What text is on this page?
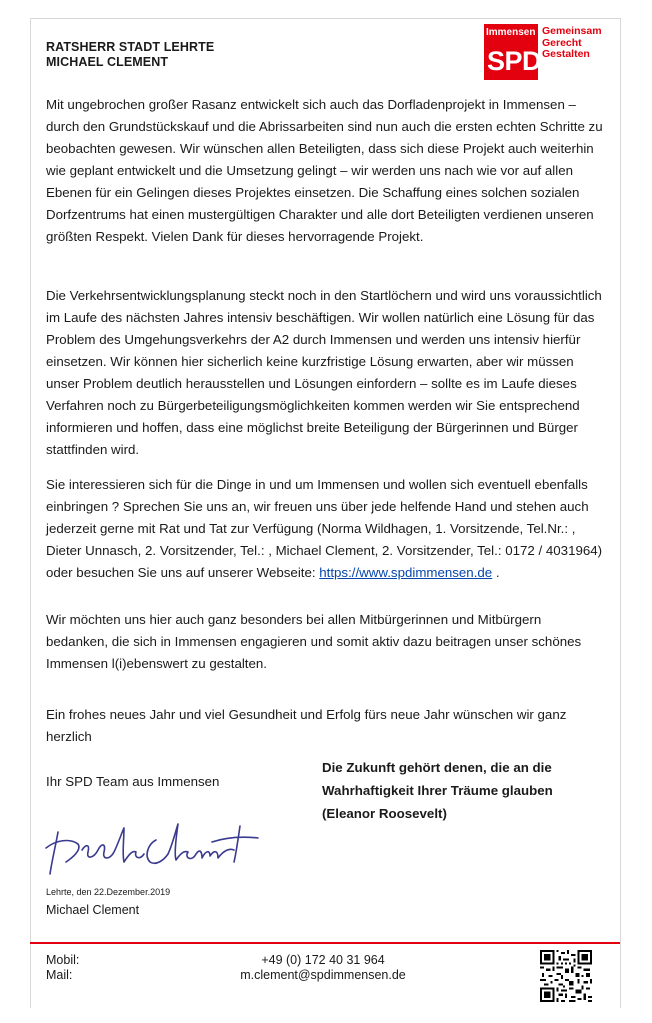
RATSHERR STADT LEHRTE
MICHAEL CLEMENT
Immensen
SPD
Gemeinsam
Gerecht
Gestalten
Mit ungebrochen großer Rasanz entwickelt sich auch das Dorfladenprojekt in Immensen – durch den Grundstückskauf und die Abrissarbeiten sind nun auch die ersten echten Schritte zu beobachten gewesen. Wir wünschen allen Beteiligten, dass sich diese Projekt auch weiterhin wie geplant entwickelt und die Umsetzung gelingt – wir werden uns nach wie vor auf allen Ebenen für ein Gelingen dieses Projektes einsetzen. Die Schaffung eines solchen sozialen Dorfzentrums hat einen mustergültigen Charakter und alle dort Beteiligten verdienen unseren größten Respekt. Vielen Dank für dieses hervorragende Projekt.
Die Verkehrsentwicklungsplanung steckt noch in den Startlöchern und wird uns voraussichtlich im Laufe des nächsten Jahres intensiv beschäftigen. Wir wollen natürlich eine Lösung für das Problem des Umgehungsverkehrs der A2 durch Immensen und werden uns intensiv hierfür einsetzen. Wir können hier sicherlich keine kurzfristige Lösung erwarten, aber wir müssen unser Problem deutlich herausstellen und Lösungen einfordern – sollte es im Laufe dieses Verfahren noch zu Bürgerbeteiligungsmöglichkeiten kommen werden wir Sie entsprechend informieren und hoffen, dass eine möglichst breite Beteiligung der Bürgerinnen und Bürger stattfinden wird.
Sie interessieren sich für die Dinge in und um Immensen und wollen sich eventuell ebenfalls einbringen ? Sprechen Sie uns an, wir freuen uns über jede helfende Hand und stehen auch jederzeit gerne mit Rat und Tat zur Verfügung (Norma Wildhagen, 1. Vorsitzende, Tel.Nr.: , Dieter Unnasch, 2. Vorsitzender, Tel.: , Michael Clement, 2. Vorsitzender, Tel.: 0172 / 4031964) oder besuchen Sie uns auf unserer Webseite: https://www.spdimmensen.de .
Wir möchten uns hier auch ganz besonders bei allen Mitbürgerinnen und Mitbürgern bedanken, die sich in Immensen engagieren und somit aktiv dazu beitragen unser schönes Immensen l(i)ebenswert zu gestalten.
Ein frohes neues Jahr und viel Gesundheit und Erfolg fürs neue Jahr wünschen wir ganz herzlich
Ihr SPD Team aus Immensen
Die Zukunft gehört denen, die an die
Wahrhaftigkeit Ihrer Träume glauben
(Eleanor Roosevelt)
Lehrte, den 22.Dezember.2019
Michael Clement
Mobil:
Mail:
+49 (0) 172 40 31 964
m.clement@spdimmensen.de
